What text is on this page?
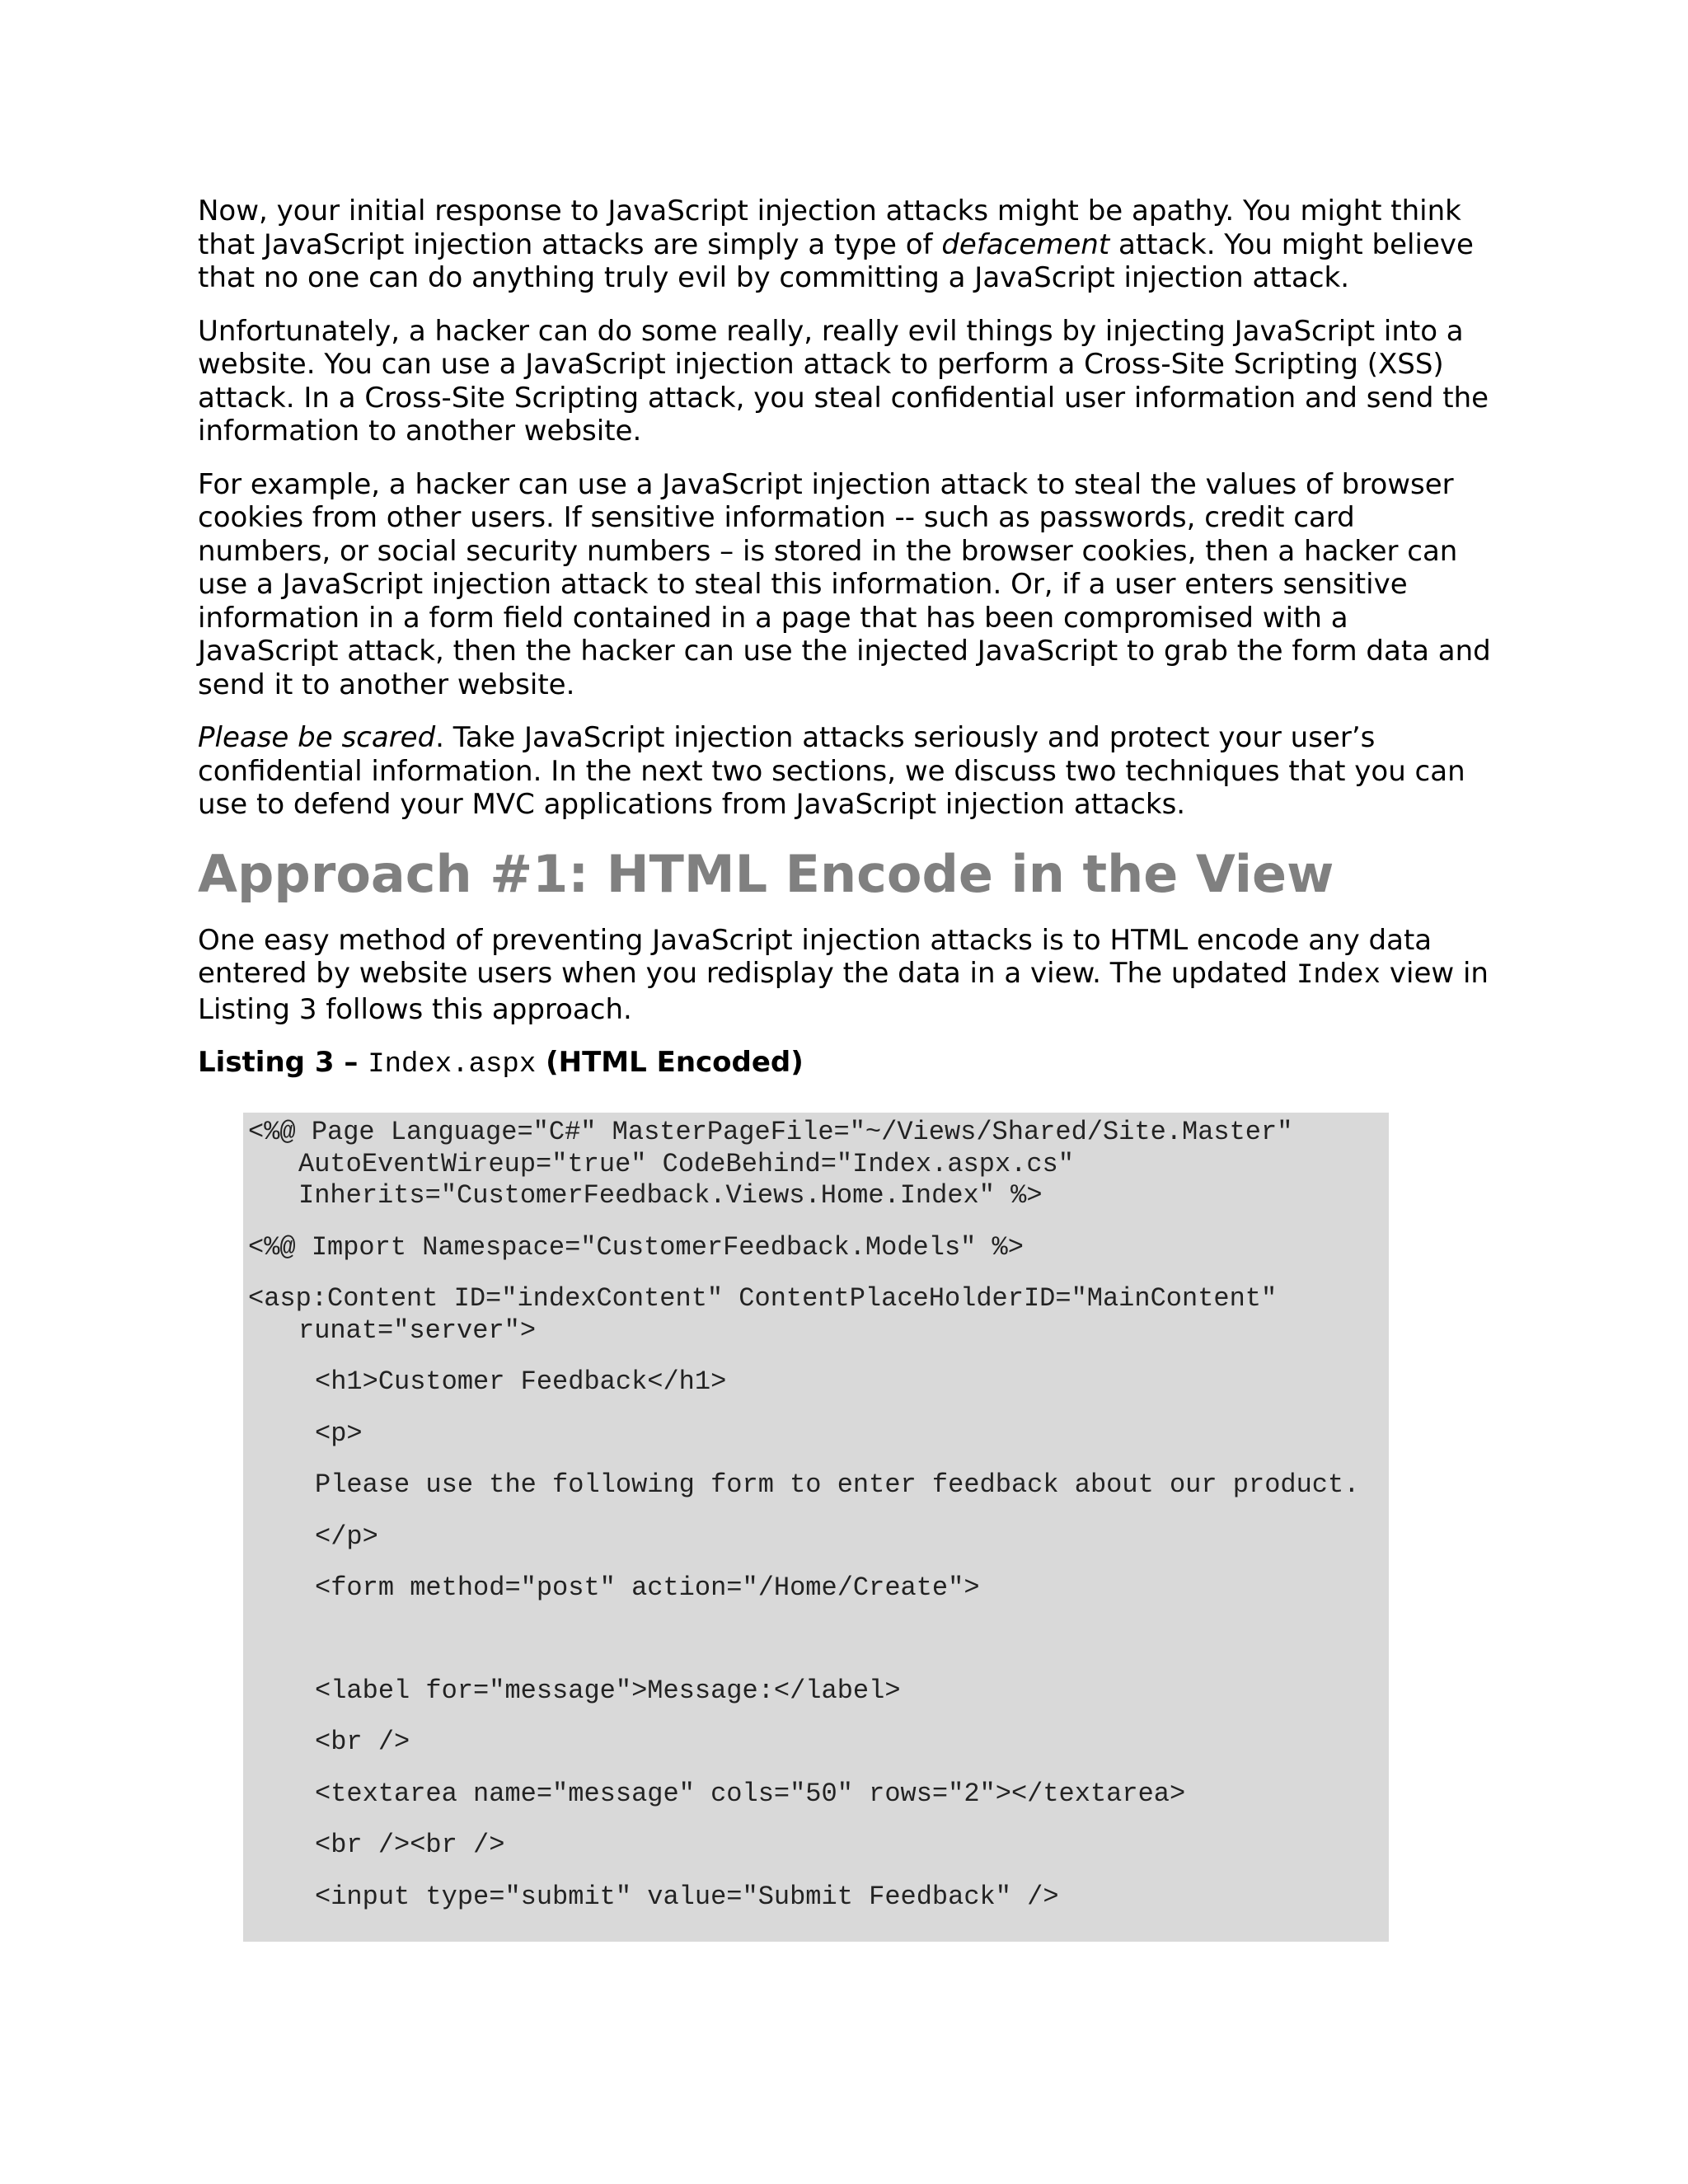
Now, your initial response to JavaScript injection attacks might be apathy. You might think that JavaScript injection attacks are simply a type of defacement attack. You might believe that no one can do anything truly evil by committing a JavaScript injection attack.

Unfortunately, a hacker can do some really, really evil things by injecting JavaScript into a website. You can use a JavaScript injection attack to perform a Cross-Site Scripting (XSS) attack. In a Cross-Site Scripting attack, you steal confidential user information and send the information to another website.

For example, a hacker can use a JavaScript injection attack to steal the values of browser cookies from other users. If sensitive information -- such as passwords, credit card numbers, or social security numbers – is stored in the browser cookies, then a hacker can use a JavaScript injection attack to steal this information. Or, if a user enters sensitive information in a form field contained in a page that has been compromised with a JavaScript attack, then the hacker can use the injected JavaScript to grab the form data and send it to another website.

Please be scared. Take JavaScript injection attacks seriously and protect your user’s confidential information. In the next two sections, we discuss two techniques that you can use to defend your MVC applications from JavaScript injection attacks.

Approach #1: HTML Encode in the View

One easy method of preventing JavaScript injection attacks is to HTML encode any data entered by website users when you redisplay the data in a view. The updated Index view in Listing 3 follows this approach.

Listing 3 – Index.aspx (HTML Encoded)

<%@ Page Language="C#" MasterPageFile="~/Views/Shared/Site.Master" AutoEventWireup="true" CodeBehind="Index.aspx.cs" Inherits="CustomerFeedback.Views.Home.Index" %>

<%@ Import Namespace="CustomerFeedback.Models" %>

<asp:Content ID="indexContent" ContentPlaceHolderID="MainContent" runat="server">

<h1>Customer Feedback</h1>

<p>

Please use the following form to enter feedback about our product.

</p>

<form method="post" action="/Home/Create">

<label for="message">Message:</label>

<br />

<textarea name="message" cols="50" rows="2"></textarea>

<br /><br />

<input type="submit" value="Submit Feedback" />
